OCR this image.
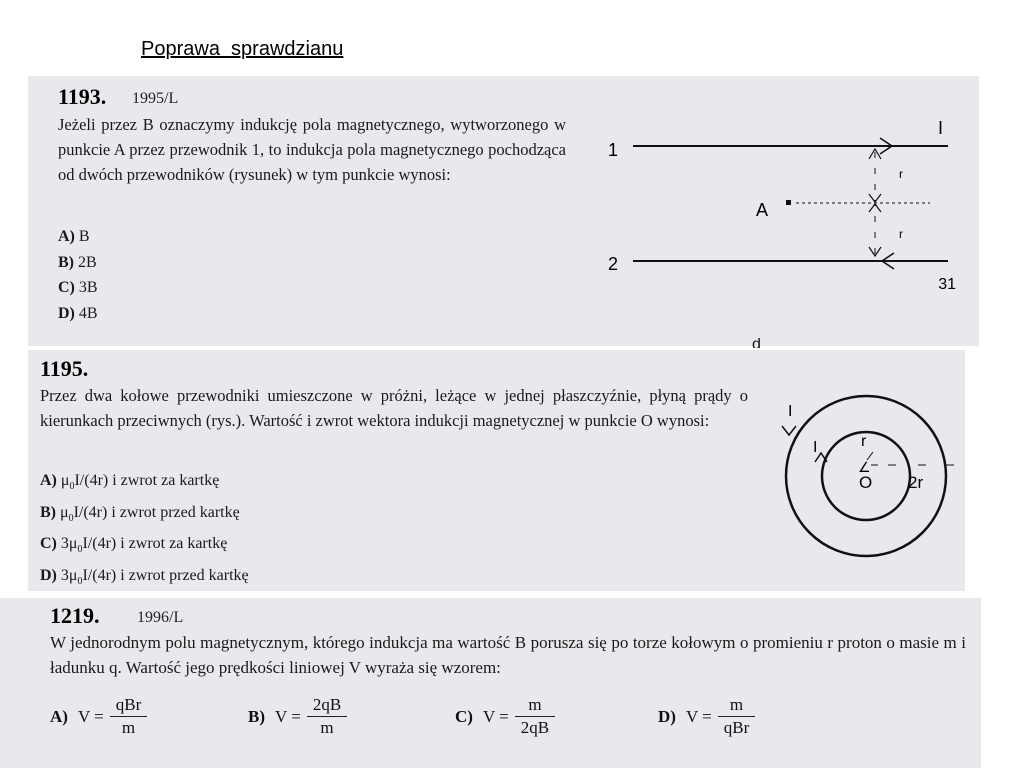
Poprawa  sprawdzianu
1193. 1995/L
Jeżeli przez B oznaczymy indukcję pola magnetycznego, wytworzonego w punkcie A przez przewodnik 1, to indukcja pola magnetycznego pochodząca od dwóch przewodników (rysunek) w tym punkcie wynosi:
A) B
B) 2B
C) 3B
D) 4B
1
2
I
A
r
r
31
1195.
Przez dwa kołowe przewodniki umieszczone w próżni, leżące w jednej płaszczyźnie, płyną prądy o kierunkach przeciwnych (rys.). Wartość i zwrot wektora indukcji magnetycznej w punkcie O wynosi:
A) $\mu_0I/(4r)$ i zwrot za kartkę
B) $\mu_0I/(4r)$ i zwrot przed kartkę
C) $3\mu_0I/(4r)$ i zwrot za kartkę
D) $3\mu_0I/(4r)$ i zwrot przed kartkę
I
I	r
∠
O 2r
d
1219. 1996/L
W jednorodnym polu magnetycznym, którego indukcja ma wartość B porusza się po torze kołowym o promieniu r proton o masie m i ładunku q. Wartość jego prędkości liniowej V wyraża się wzorem:
A) $V = \frac{\text{qBr}}{m}$	B) $V = \frac{2qB}{m}$	C) $V = \frac{m}{2qB}$	D) $V = \frac{m}{\text{qBr}}$
